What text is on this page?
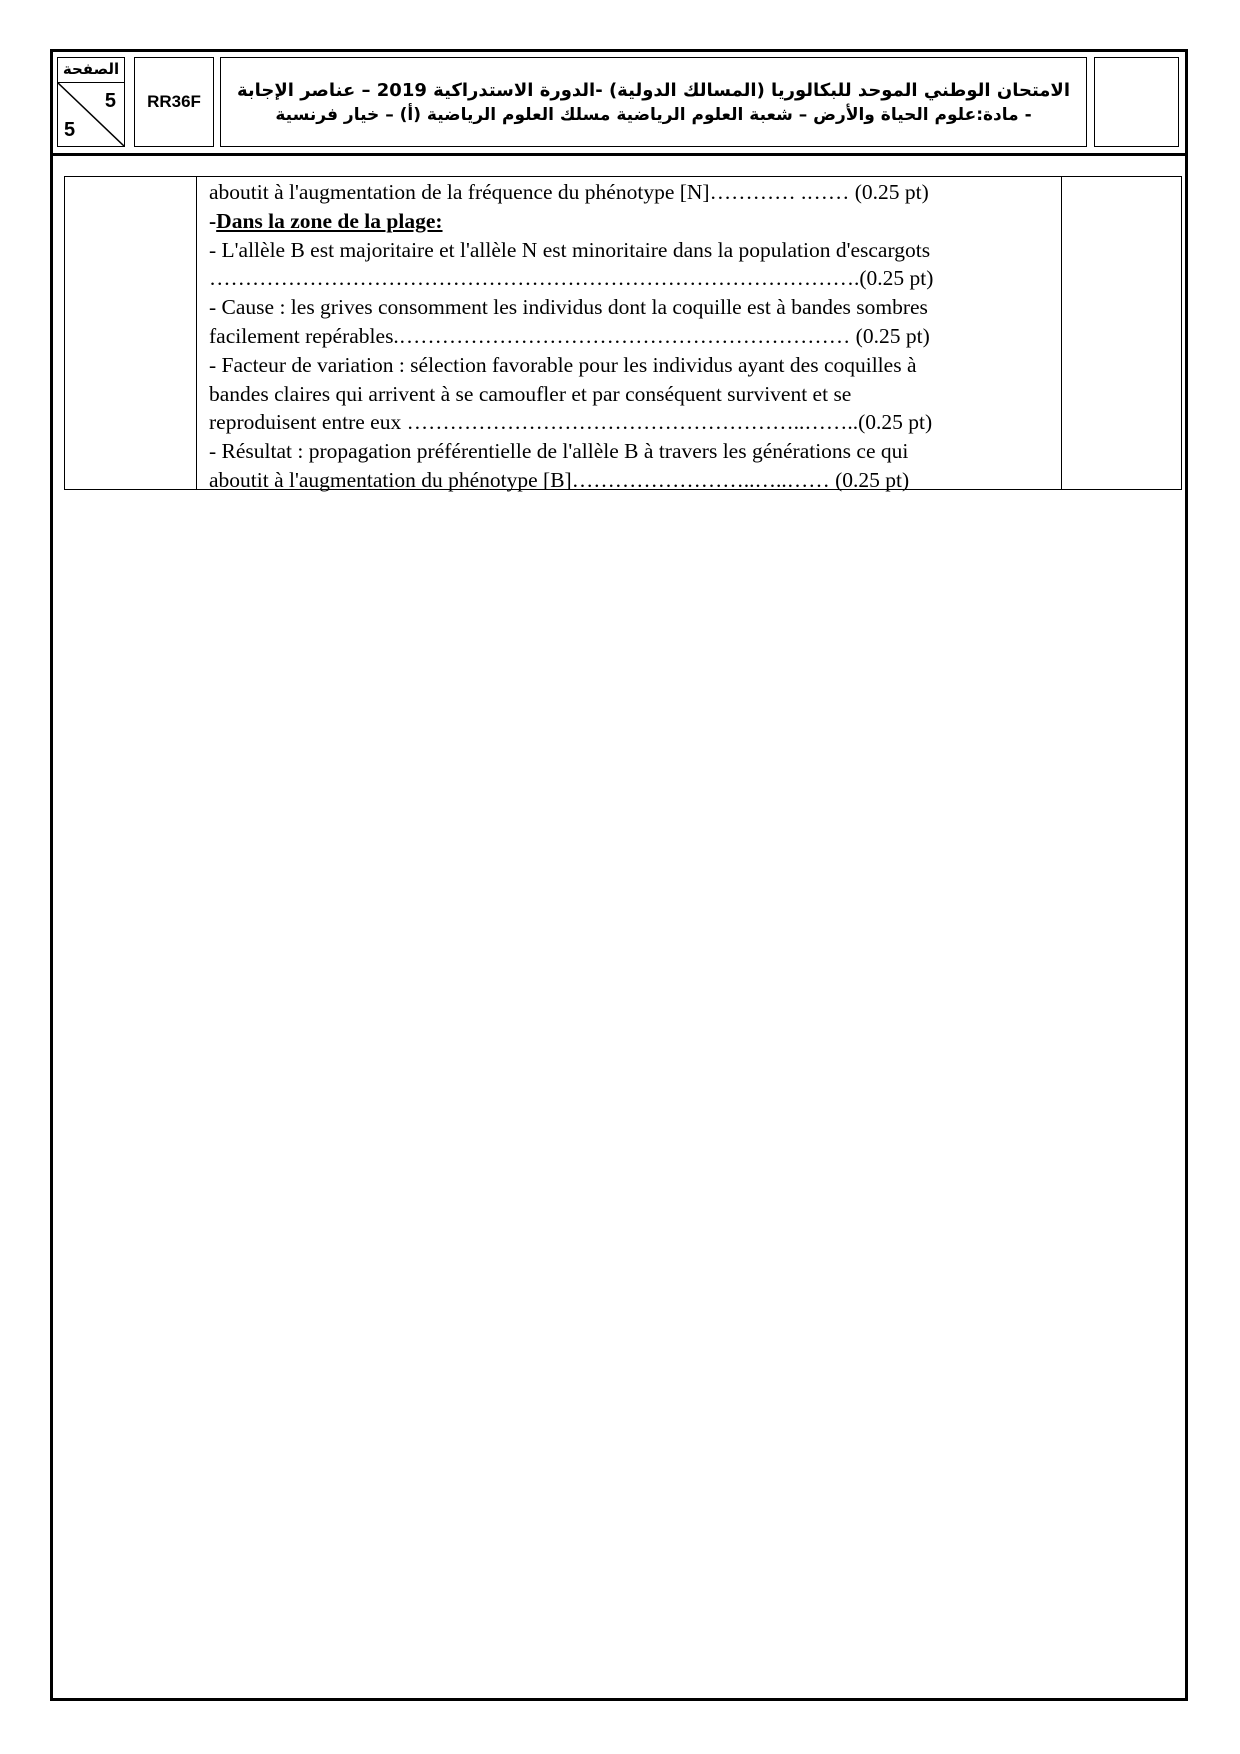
الصفحة
5
5
RR36F
الامتحان الوطني الموحد للبكالوريا (المسالك الدولية) -الدورة الاستدراكية 2019 – عناصر الإجابة
- مادة:علوم الحياة والأرض – شعبة العلوم الرياضية مسلك العلوم الرياضية (أ) – خيار فرنسية
aboutit à l'augmentation de la fréquence du phénotype [N]………… .…… (0.25 pt)
-Dans la zone de la plage:
- L'allèle B est majoritaire et l'allèle N est minoritaire dans la population d'escargots
……………………………………………………………………………….(0.25 pt)
- Cause : les grives consomment les individus dont la coquille est à bandes sombres
facilement repérables.……………………………………………………… (0.25 pt)
- Facteur de variation : sélection favorable pour les individus ayant des coquilles à
bandes claires qui arrivent à se camoufler et par conséquent survivent et se
reproduisent entre eux ………………………………………………..……..(0.25 pt)
- Résultat : propagation préférentielle de l'allèle B à travers les générations ce qui
aboutit à l'augmentation du phénotype [B]……………………..…..…… (0.25 pt)
